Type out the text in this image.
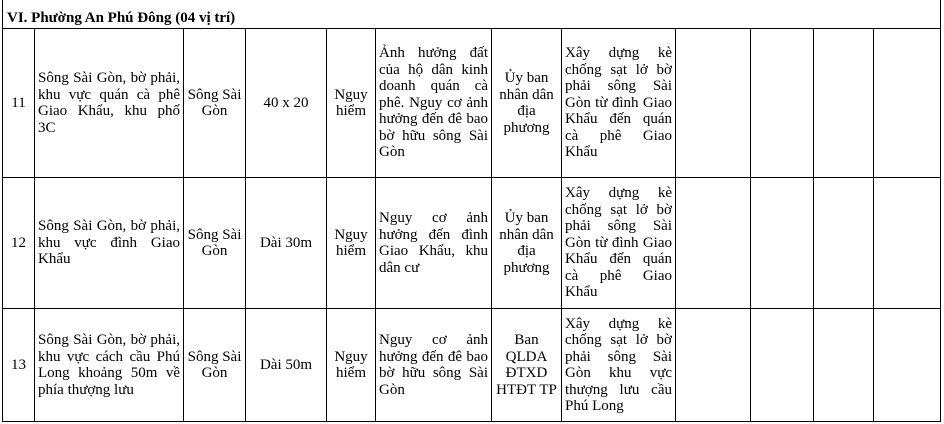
VI. Phường An Phú Đông (04 vị trí)											
11	Sông Sài Gòn, bờ phải, khu vực quán cà phê Giao Khẩu, khu phố 3C	Sông Sài Gòn	40 x 20	Nguy hiểm	Ảnh hưởng đất của hộ dân kinh doanh quán cà phê. Nguy cơ ảnh hưởng đến đê bao bờ hữu sông Sài Gòn	Ủy ban nhân dân địa phương	Xây dựng kè chống sạt lở bờ phải sông Sài Gòn từ đình Giao Khẩu đến quán cà phê Giao Khẩu				
12	Sông Sài Gòn, bờ phải, khu vực đình Giao Khẩu	Sông Sài Gòn	Dài 30m	Nguy hiểm	Nguy cơ ảnh hưởng đến đình Giao Khẩu, khu dân cư	Ủy ban nhân dân địa phương	Xây dựng kè chống sạt lở bờ phải sông Sài Gòn từ đình Giao Khẩu đến quán cà phê Giao Khẩu				
13	Sông Sài Gòn, bờ phải, khu vực cách cầu Phú Long khoảng 50m về phía thượng lưu	Sông Sài Gòn	Dài 50m	Nguy hiểm	Nguy cơ ảnh hưởng đến đê bao bờ hữu sông Sài Gòn	Ban QLDA ĐTXD HTĐT TP	Xây dựng kè chống sạt lở bờ phải sông Sài Gòn khu vực thượng lưu cầu Phú Long				
